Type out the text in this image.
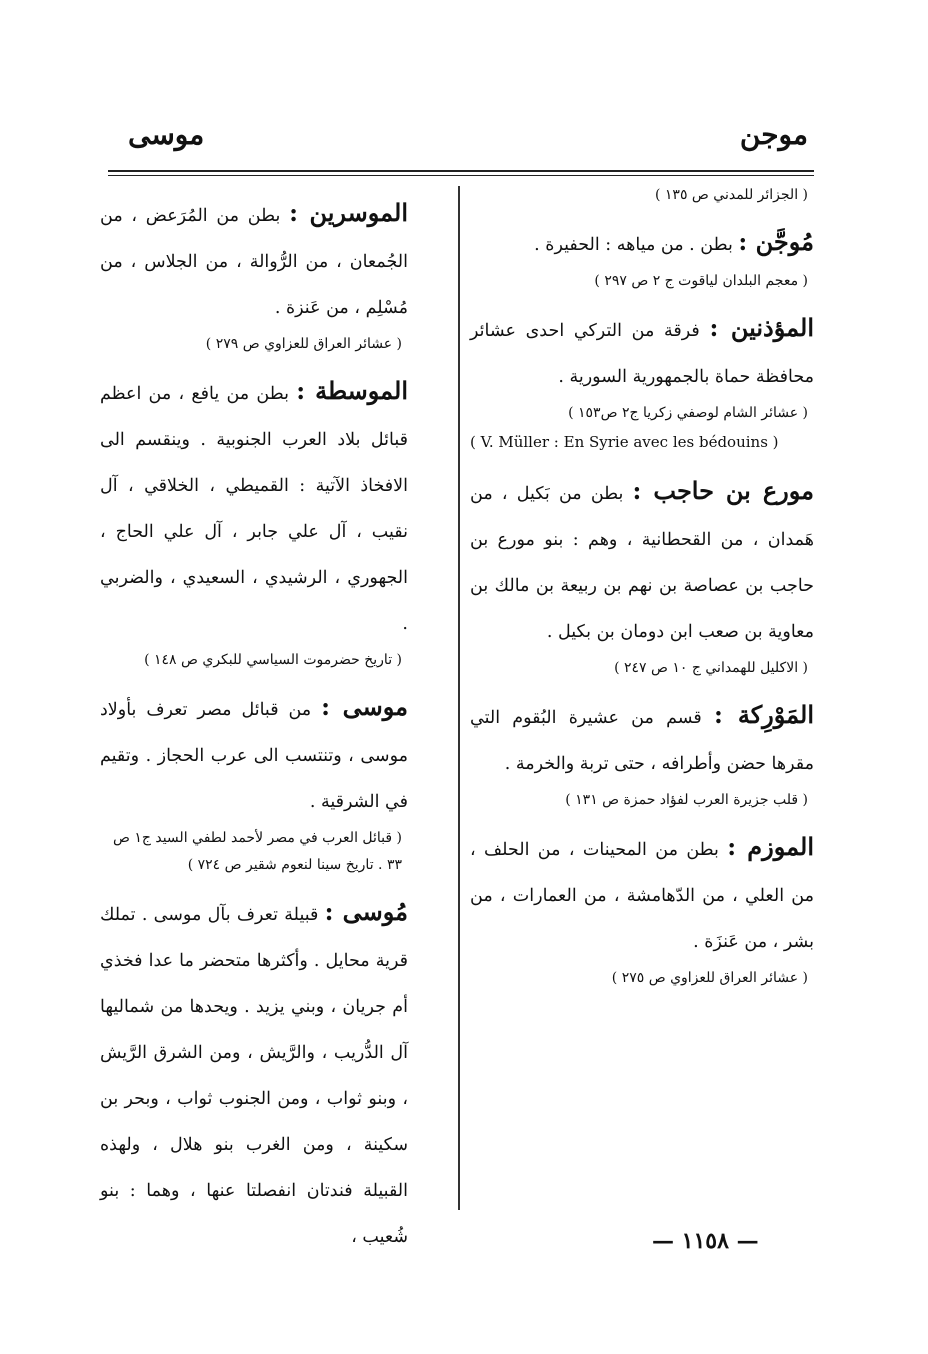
موجن
موسى

( الجزائر للمدني ص ١٣٥ )

مُوجَّن : بطن . من مياهه : الحفيرة .

( معجم البلدان لياقوت ج ٢ ص ٢٩٧ )

المؤذنين : فرقة من التركي احدى عشائر محافظة حماة بالجمهورية السورية .

( عشائر الشام لوصفي زكريا ج٢ ص١٥٣ )

( V. Müller : En Syrie avec les bédouins )

مورع بن حاجب : بطن من بَكيل ، من هَمدان ، من القحطانية ، وهم : بنو مورع بن حاجب بن عصاصة بن نهم بن ربيعة بن مالك بن معاوية بن صعب ابن دومان بن بكيل .

( الاكليل للهمداني ج ١٠ ص ٢٤٧ )

المَوْرِكة : قسم من عشيرة البُقوم التي مقرها حضن وأطرافه ، حتى تربة والخرمة .

( قلب جزيرة العرب لفؤاد حمزة ص ١٣١ )

الموزم : بطن من المحينات ، من الحلف ، من العلي ، من الدّهامشة ، من العمارات ، من بشر ، من عَنزَة .

( عشائر العراق للعزاوي ص ٢٧٥ )

الموسرين : بطن من المُرَعض ، من الجُمعان ، من الرُّوالة ، من الجلاس ، من مُسْلِم ، من عَنزة .

( عشائر العراق للعزاوي ص ٢٧٩ )

الموسطة : بطن من يافع ، من اعظم قبائل بلاد العرب الجنوبية . وينقسم الى الافخاذ الآتية : القميطي ، الخلاقي ، آل نقيب ، آل علي جابر ، آل علي الحاج ، الجهوري ، الرشيدي ، السعيدي ، والضربي .

( تاريخ حضرموت السياسي للبكري ص ١٤٨ )

موسى : من قبائل مصر تعرف بأولاد موسى ، وتنتسب الى عرب الحجاز . وتقيم في الشرقية .

( قبائل العرب في مصر لأحمد لطفي السيد ج١ ص ٣٣ . تاريخ سينا لنعوم شقير ص ٧٢٤ )

مُوسى : قبيلة تعرف بآل موسى . تملك قرية محايل . وأكثرها متحضر ما عدا فخذي أم جريان ، وبني يزيد . ويحدها من شماليها آل الدُّريب ، والرَّيش ، ومن الشرق الرَّيش ، وبنو ثواب ، ومن الجنوب ثواب ، وبحر بن سكينة ، ومن الغرب بنو هلال ، ولهذه القبيلة فندتان انفصلتا عنها ، وهما : بنو شُعيب ،	— ١١٥٨ —
